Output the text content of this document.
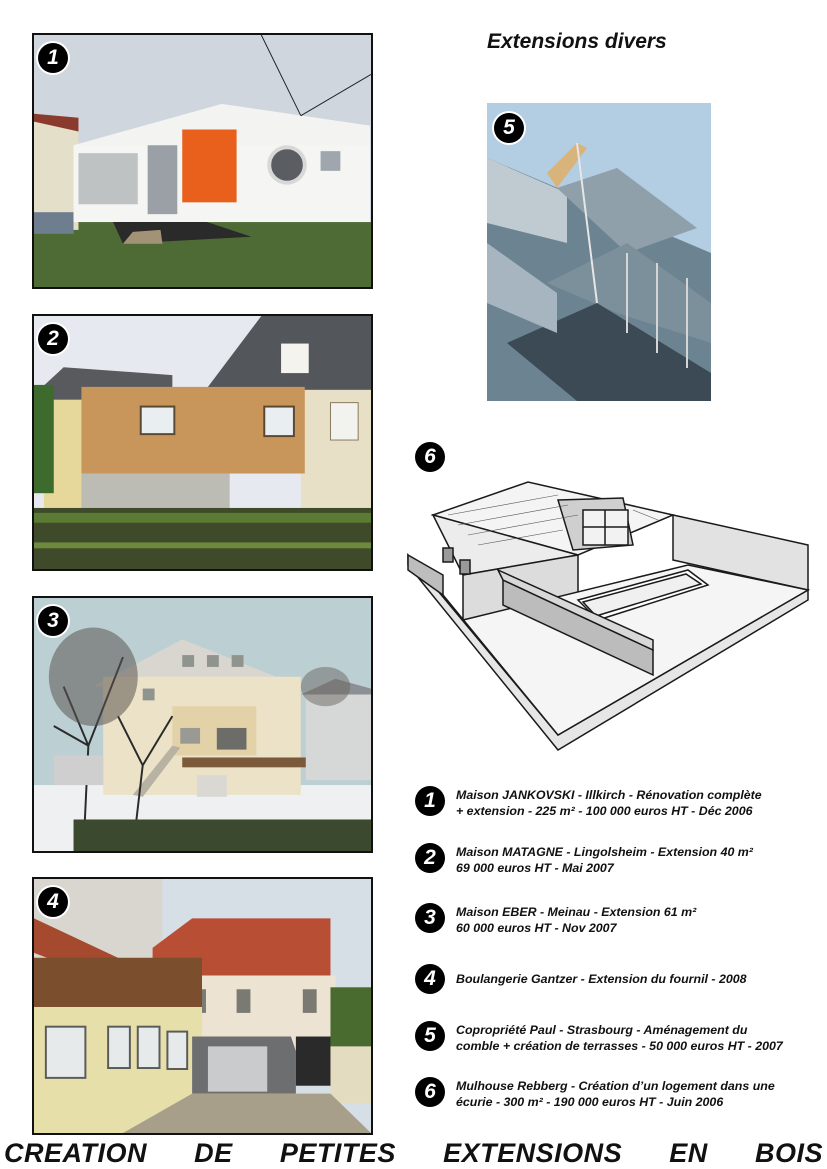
Extensions divers
1
2
3
4
5
6
1	Maison JANKOVSKI - Illkirch - Rénovation complète
+ extension - 225 m² - 100 000 euros HT - Déc 2006
2	Maison MATAGNE - Lingolsheim - Extension 40 m²
69 000 euros HT - Mai 2007
3	Maison EBER - Meinau - Extension 61 m²
60 000 euros HT - Nov 2007
4	Boulangerie Gantzer - Extension du fournil - 2008
5	Copropriété Paul - Strasbourg - Aménagement du
comble + création de terrasses - 50 000 euros HT - 2007
6	Mulhouse Rebberg - Création d’un logement dans une
écurie - 300 m² - 190 000 euros HT - Juin 2006
CREATION DE PETITES EXTENSIONS EN BOIS
